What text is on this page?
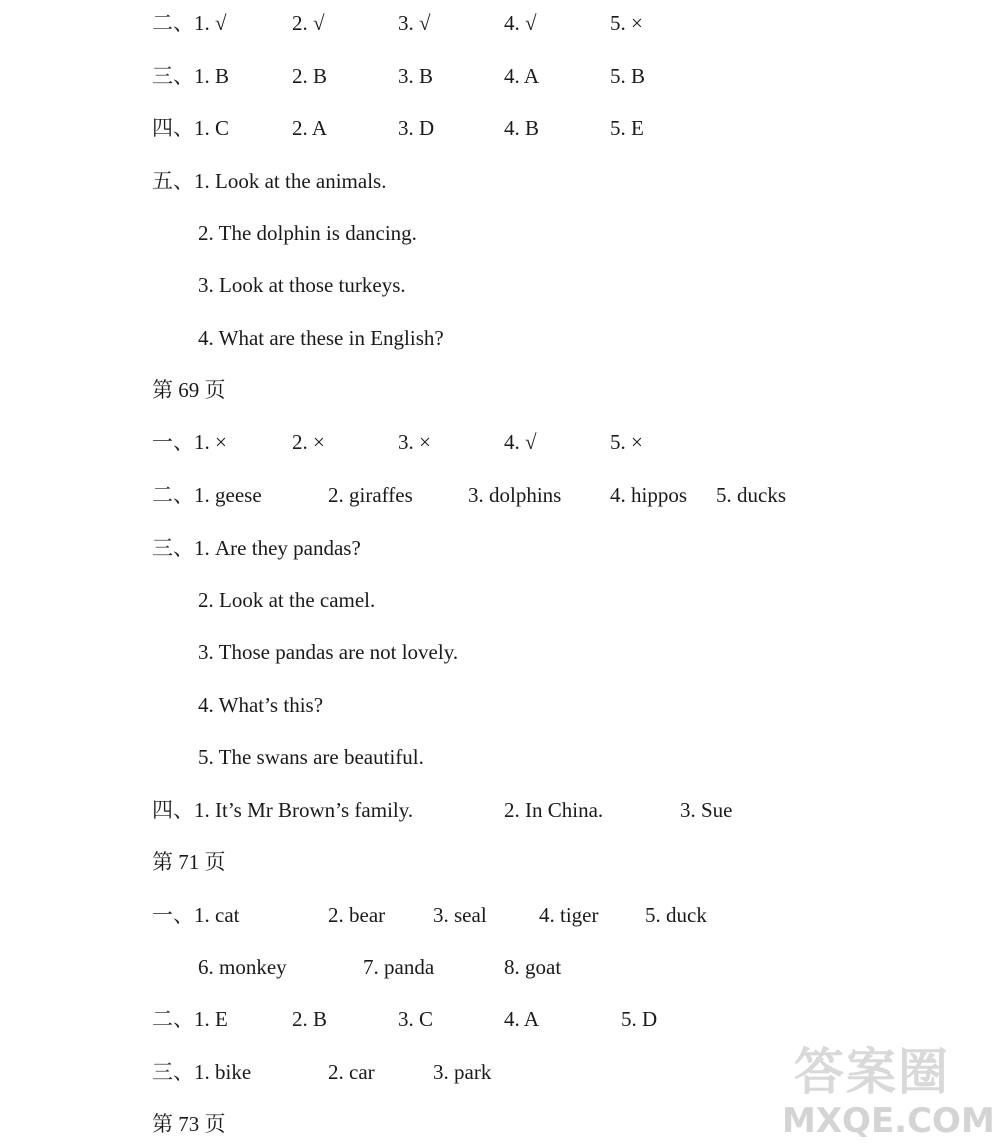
二、1. √	2. √	3. √	4. √	5. ×
三、1. B	2. B	3. B	4. A	5. B
四、1. C	2. A	3. D	4. B	5. E
五、1. Look at the animals.
2. The dolphin is dancing.
3. Look at those turkeys.
4. What are these in English?
第 69 页
一、1. ×	2. ×	3. ×	4. √	5. ×
二、1. geese	2. giraffes	3. dolphins 4. hippos 5. ducks
三、1. Are they pandas?
2. Look at the camel.
3. Those pandas are not lovely.
4. What’s this?
5. The swans are beautiful.
四、1. It’s Mr Brown’s family.	2. In China.	3. Sue
第 71 页
一、1. cat	2. bear 3. seal 4. tiger 5. duck
6. monkey	7. panda	8. goat
二、1. E	2. B	3. C	4. A	5. D
三、1. bike	2. car	3. park
第 73 页
答案圈
MXQE.COM
